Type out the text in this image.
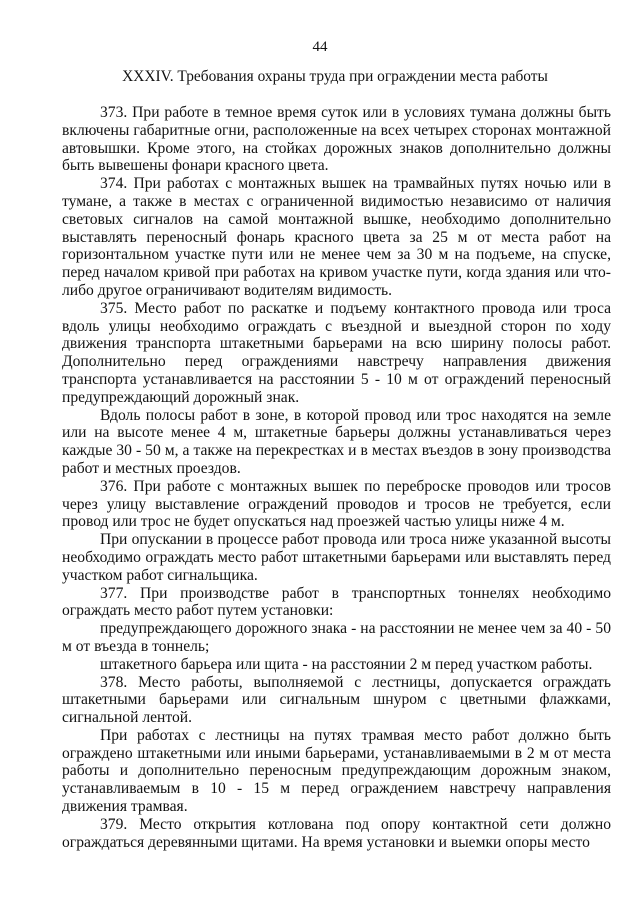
44
XXXIV. Требования охраны труда при ограждении места работы

373. При работе в темное время суток или в условиях тумана должны быть включены габаритные огни, расположенные на всех четырех сторонах монтажной автовышки. Кроме этого, на стойках дорожных знаков дополнительно должны быть вывешены фонари красного цвета.

374. При работах с монтажных вышек на трамвайных путях ночью или в тумане, а также в местах с ограниченной видимостью независимо от наличия световых сигналов на самой монтажной вышке, необходимо дополнительно выставлять переносный фонарь красного цвета за 25 м от места работ на горизонтальном участке пути или не менее чем за 30 м на подъеме, на спуске, перед началом кривой при работах на кривом участке пути, когда здания или что-либо другое ограничивают водителям видимость.

375. Место работ по раскатке и подъему контактного провода или троса вдоль улицы необходимо ограждать с въездной и выездной сторон по ходу движения транспорта штакетными барьерами на всю ширину полосы работ. Дополнительно перед ограждениями навстречу направления движения транспорта устанавливается на расстоянии 5 - 10 м от ограждений переносный предупреждающий дорожный знак.

Вдоль полосы работ в зоне, в которой провод или трос находятся на земле или на высоте менее 4 м, штакетные барьеры должны устанавливаться через каждые 30 - 50 м, а также на перекрестках и в местах въездов в зону производства работ и местных проездов.

376. При работе с монтажных вышек по переброске проводов или тросов через улицу выставление ограждений проводов и тросов не требуется, если провод или трос не будет опускаться над проезжей частью улицы ниже 4 м.

При опускании в процессе работ провода или троса ниже указанной высоты необходимо ограждать место работ штакетными барьерами или выставлять перед участком работ сигнальщика.

377. При производстве работ в транспортных тоннелях необходимо ограждать место работ путем установки:

предупреждающего дорожного знака - на расстоянии не менее чем за 40 - 50 м от въезда в тоннель;

штакетного барьера или щита - на расстоянии 2 м перед участком работы.

378. Место работы, выполняемой с лестницы, допускается ограждать штакетными барьерами или сигнальным шнуром с цветными флажками, сигнальной лентой.

При работах с лестницы на путях трамвая место работ должно быть ограждено штакетными или иными барьерами, устанавливаемыми в 2 м от места работы и дополнительно переносным предупреждающим дорожным знаком, устанавливаемым в 10 - 15 м перед ограждением навстречу направления движения трамвая.

379. Место открытия котлована под опору контактной сети должно ограждаться деревянными щитами. На время установки и выемки опоры место
